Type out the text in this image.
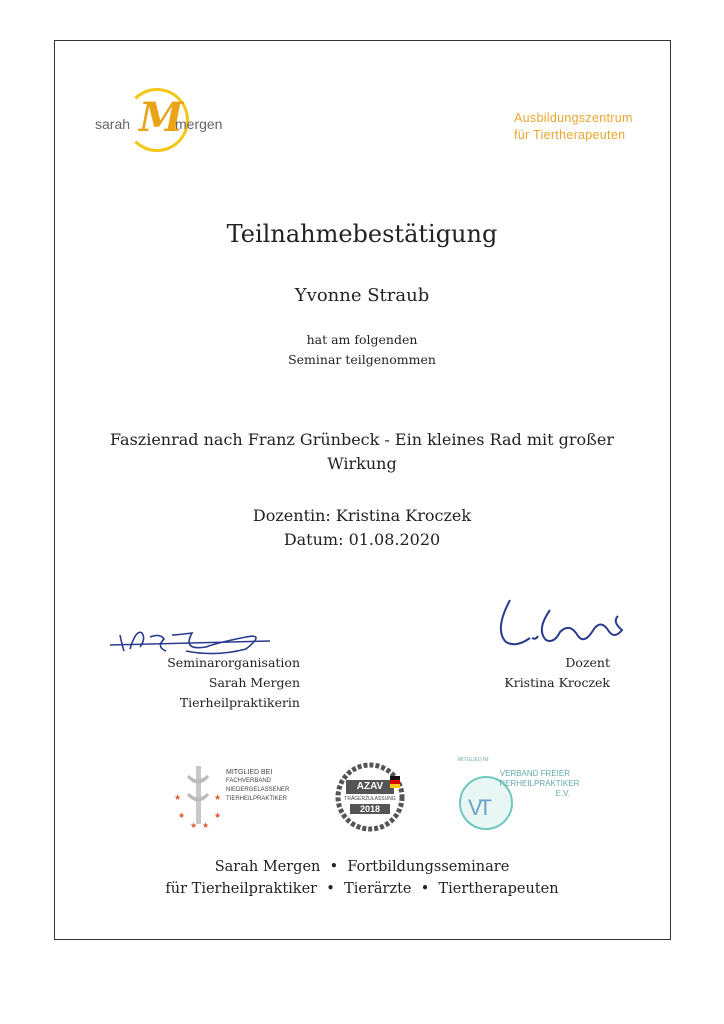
sarah M
mergen	Ausbildungszentrum
für Tiertherapeuten
Teilnahmebestätigung
Yvonne Straub
hat am folgenden
Seminar teilgenommen
Faszienrad nach Franz Grünbeck - Ein kleines Rad mit großer Wirkung
Dozentin: Kristina Kroczek
Datum: 01.08.2020
Seminarorganisation
Sarah Mergen
Tierheilpraktikerin
Dozent
Kristina Kroczek
★	★
★
★ ★
★
MITGLIED BEI
FACHVERBAND
NIEDERGELASSENER
TIERHEILPRAKTIKER
AZAV
TRÄGERZULASSUNG
2018	VT
MITGLIED IM
VERBAND FREIER
TIERHEILPRAKTIKER
E.V.
Sarah Mergen  •  Fortbildungsseminare
für Tierheilpraktiker  •  Tierärzte  •  Tiertherapeuten
